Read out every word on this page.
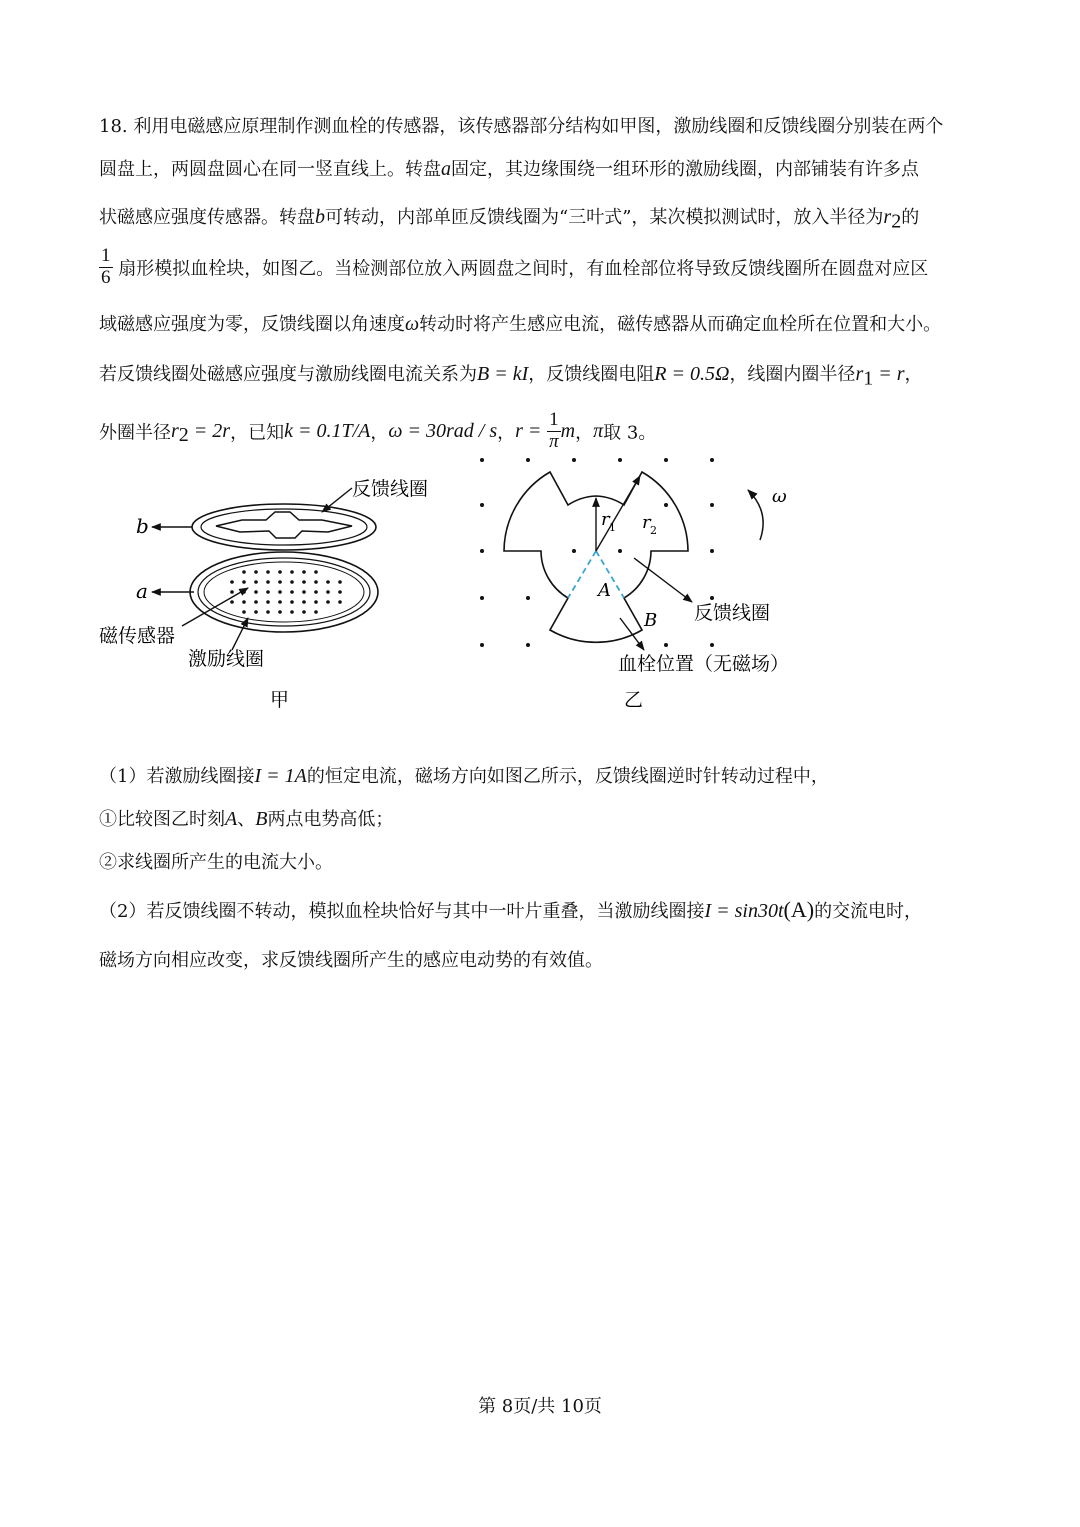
18. 利用电磁感应原理制作测血栓的传感器，该传感器部分结构如甲图，激励线圈和反馈线圈分别装在两个
圆盘上，两圆盘圆心在同一竖直线上。转盘a固定，其边缘围绕一组环形的激励线圈，内部铺装有许多点
状磁感应强度传感器。转盘b可转动，内部单匝反馈线圈为“三叶式”，某次模拟测试时，放入半径为$r_2$的
$\frac{1}{6}$ 扇形模拟血栓块，如图乙。当检测部位放入两圆盘之间时，有血栓部位将导致反馈线圈所在圆盘对应区
域磁感应强度为零，反馈线圈以角速度ω转动时将产生感应电流，磁传感器从而确定血栓所在位置和大小。
若反馈线圈处磁感应强度与激励线圈电流关系为B = kI，反馈线圈电阻R = 0.5Ω，线圈内圈半径$r_1 = r$，
外圈半径$r_2 = 2r$，已知k = 0.1T/A，ω = 30rad / s，$r = \frac{1}{\pi}$ m，π取 3。
b
a
反馈线圈
磁传感器
激励线圈
甲
r 1 r 2
ω
A
B 反馈线圈
血栓位置（无磁场）
乙
（1）若激励线圈接I = 1A的恒定电流，磁场方向如图乙所示，反馈线圈逆时针转动过程中，
①比较图乙时刻A、B两点电势高低；
②求线圈所产生的电流大小。
（2）若反馈线圈不转动，模拟血栓块恰好与其中一叶片重叠，当激励线圈接I = sin30t(A)的交流电时，
磁场方向相应改变，求反馈线圈所产生的感应电动势的有效值。
第 8页/共 10页
